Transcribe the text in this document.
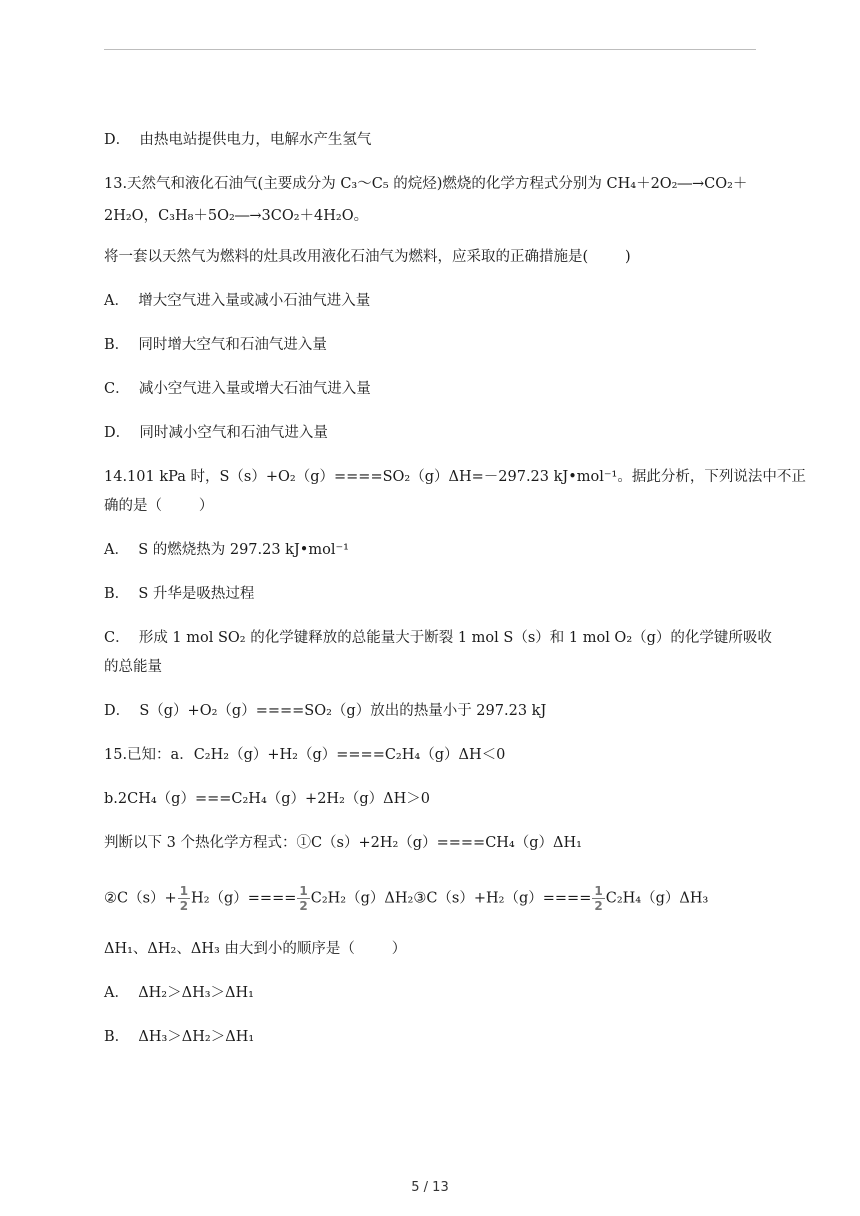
D．  由热电站提供电力，电解水产生氢气
13.天然气和液化石油气(主要成分为 C₃～C₅ 的烷烃)燃烧的化学方程式分别为 CH₄＋2O₂―→CO₂＋
2H₂O，C₃H₈＋5O₂―→3CO₂＋4H₂O。
将一套以天然气为燃料的灶具改用液化石油气为燃料，应采取的正确措施是(        )
A．  增大空气进入量或减小石油气进入量
B．  同时增大空气和石油气进入量
C．  减小空气进入量或增大石油气进入量
D．  同时减小空气和石油气进入量
14.101 kPa 时，S（s）+O₂（g）====SO₂（g）ΔH=－297.23 kJ•mol⁻¹。据此分析，下列说法中不正
确的是（        ）
A．  S 的燃烧热为 297.23 kJ•mol⁻¹
B．  S 升华是吸热过程
C．  形成 1 mol SO₂ 的化学键释放的总能量大于断裂 1 mol S（s）和 1 mol O₂（g）的化学键所吸收
的总能量
D．  S（g）+O₂（g）====SO₂（g）放出的热量小于 297.23 kJ
15.已知：a．C₂H₂（g）+H₂（g）====C₂H₄（g）ΔH＜0
b.2CH₄（g）===C₂H₄（g）+2H₂（g）ΔH＞0
判断以下 3 个热化学方程式：①C（s）+2H₂（g）====CH₄（g）ΔH₁
②C（s）+ $\frac{1}{2} H_2(g)==== \frac{1}{2}$ C₂H₂（g）ΔH₂③C（s）+H₂（g）==== $\frac{1}{2} C_2H_4(g)\Delta H_3$
ΔH₁、ΔH₂、ΔH₃ 由大到小的顺序是（        ）
A．  ΔH₂＞ΔH₃＞ΔH₁
B．  ΔH₃＞ΔH₂＞ΔH₁
5 / 13
